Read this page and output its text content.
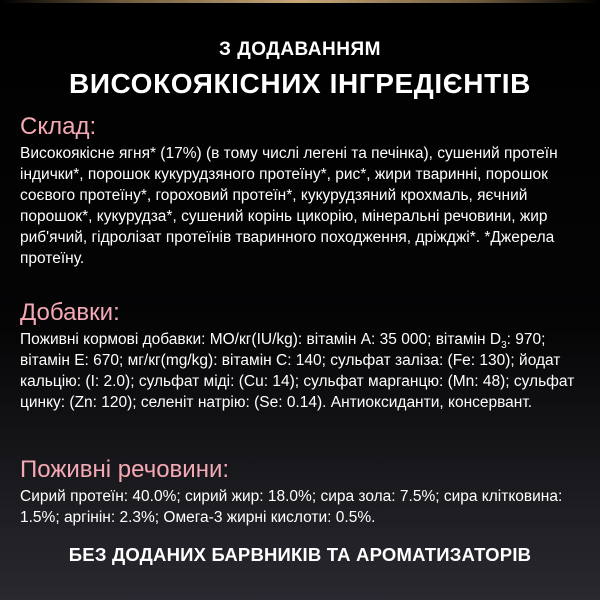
З ДОДАВАННЯМ
ВИСОКОЯКІСНИХ ІНГРЕДІЄНТІВ
Склад:
Високоякісне ягня* (17%) (в тому числі легені та печінка), сушений протеїн індички*, порошок кукурудзяного протеїну*, рис*, жири тваринні, порошок соєвого протеїну*, гороховий протеїн*, кукурудзяний крохмаль, яєчний порошок*, кукурудза*, сушений корінь цикорію, мінеральні речовини, жир риб'ячий, гідролізат протеїнів тваринного походження, дріжджі*. *Джерела протеїну.
Добавки:
Поживні кормові добавки: МО/кг(IU/kg): вітамін А: 35 000; вітамін $D_3$: 970; вітамін Е: 670; мг/кг(mg/kg): вітамін С: 140; сульфат заліза: (Fe: 130); йодат кальцію: (I: 2.0); сульфат міді: (Cu: 14); сульфат марганцю: (Mn: 48); сульфат цинку: (Zn: 120); селеніт натрію: (Se: 0.14). Антиоксиданти, консервант.
Поживні речовини:
Сирий протеїн: 40.0%; сирий жир: 18.0%; сира зола: 7.5%; сира клітковина: 1.5%; аргінін: 2.3%; Омега-3 жирні кислоти: 0.5%.
БЕЗ ДОДАНИХ БАРВНИКІВ ТА АРОМАТИЗАТОРІВ
